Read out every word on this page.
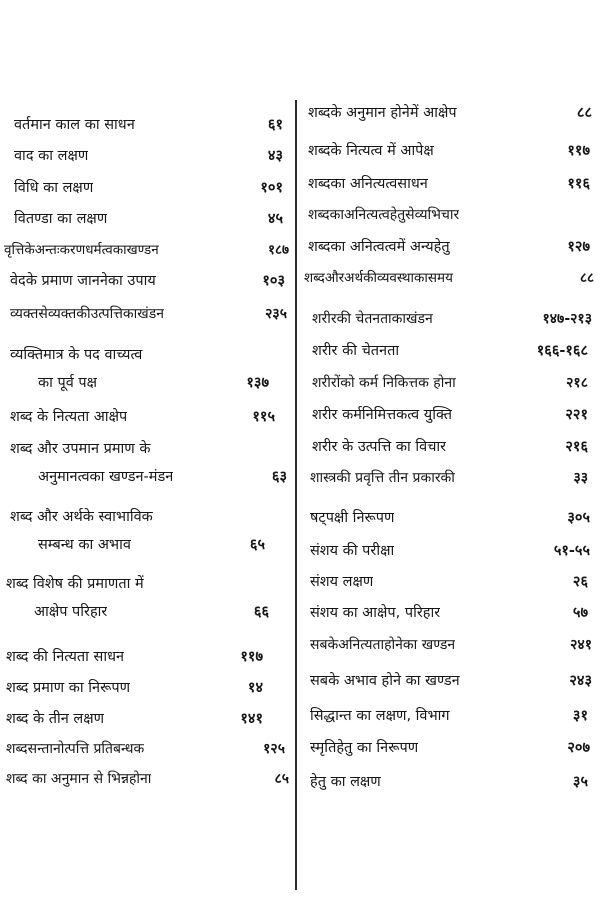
वर्तमान काल का साधन	६१
वाद का लक्षण	४३
विधि का लक्षण	१०१
वितण्डा का लक्षण	४५
वृत्तिकेअन्तःकरणधर्मत्वकाखण्डन	१८७
वेदके प्रमाण जाननेका उपाय	१०३
व्यक्तसेव्यक्तकीउत्पत्तिकाखंडन	२३५
व्यक्तिमात्र के पद वाच्यत्व
का पूर्व पक्ष	१३७
शब्द के नित्यता आक्षेप	११५
शब्द और उपमान प्रमाण के
अनुमानत्वका खण्डन-मंडन	६३
शब्द और अर्थके स्वाभाविक
सम्बन्ध का अभाव	६५
शब्द विशेष की प्रमाणता में
आक्षेप परिहार	६६
शब्द की नित्यता साधन	११७
शब्द प्रमाण का निरूपण	१४
शब्द के तीन लक्षण	१४१
शब्दसन्तानोत्पत्ति प्रतिबन्धक	१२५
शब्द का अनुमान से भिन्नहोना	८५
शब्दके अनुमान होनेमें आक्षेप	८८
शब्दके नित्यत्व में आपेक्ष	११७
शब्दका अनित्यत्वसाधन	११६
शब्दकाअनित्यत्वहेतुसेव्यभिचार
शब्दका अनित्वत्वमें अन्यहेतु	१२७
शब्दऔरअर्थकीव्यवस्थाकासमय	८८
शरीरकी चेतनताकाखंडन	१४७-२१३
शरीर की चेतनता	१६६-१६८
शरीरोंको कर्म निकित्तक होना	२१८
शरीर कर्मनिमित्तकत्व युक्ति	२२१
शरीर के उत्पत्ति का विचार	२१६
शास्त्रकी प्रवृत्ति तीन प्रकारकी	३३
षट्पक्षी निरूपण	३०५
संशय की परीक्षा	५१-५५
संशय लक्षण	२६
संशय का आक्षेप, परिहार	५७
सबकेअनित्यताहोनेका खण्डन	२४१
सबके अभाव होने का खण्डन	२४३
सिद्धान्त का लक्षण, विभाग	३१
स्मृतिहेतु का निरूपण	२०७
हेतु का लक्षण	३५
